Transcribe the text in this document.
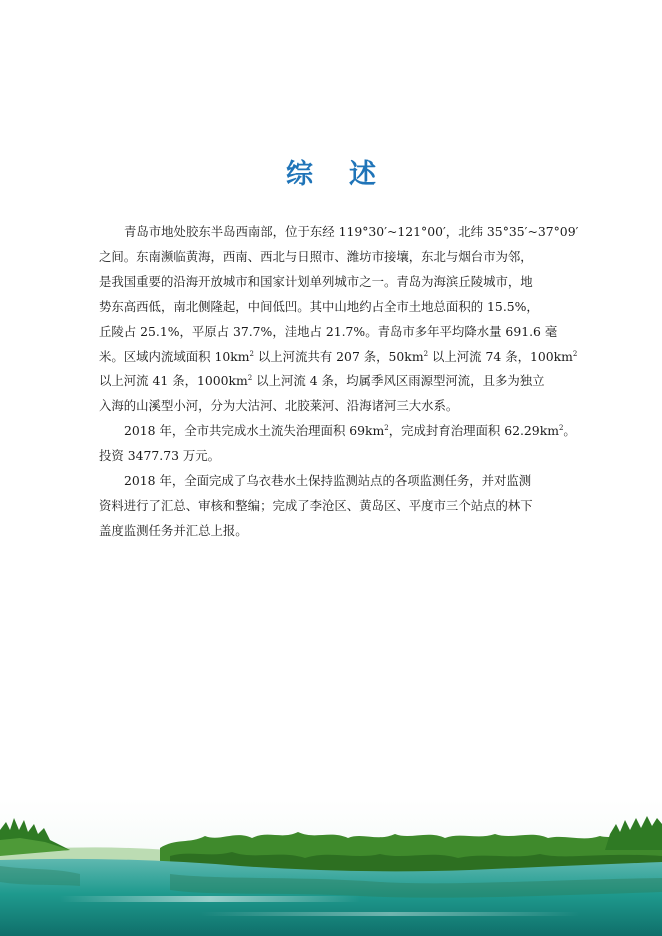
综 述
青岛市地处胶东半岛西南部，位于东经 119°30′~121°00′，北纬 35°35′~37°09′
之间。东南濒临黄海，西南、西北与日照市、潍坊市接壤，东北与烟台市为邻，
是我国重要的沿海开放城市和国家计划单列城市之一。青岛为海滨丘陵城市，地
势东高西低，南北侧隆起，中间低凹。其中山地约占全市土地总面积的 15.5%，
丘陵占 25.1%，平原占 37.7%，洼地占 21.7%。青岛市多年平均降水量 691.6 毫
米。区域内流域面积 $10km^2$ 以上河流共有 207 条，$50km^2$ 以上河流 74 条，$100km^2$
以上河流 41 条，$1000km^2$ 以上河流 4 条，均属季风区雨源型河流，且多为独立
入海的山溪型小河，分为大沽河、北胶莱河、沿海诸河三大水系。
2018 年，全市共完成水土流失治理面积 $69km^2$，完成封育治理面积 $62.29km^2$。
投资 3477.73 万元。
2018 年，全面完成了乌衣巷水土保持监测站点的各项监测任务，并对监测
资料进行了汇总、审核和整编；完成了李沧区、黄岛区、平度市三个站点的林下
盖度监测任务并汇总上报。
